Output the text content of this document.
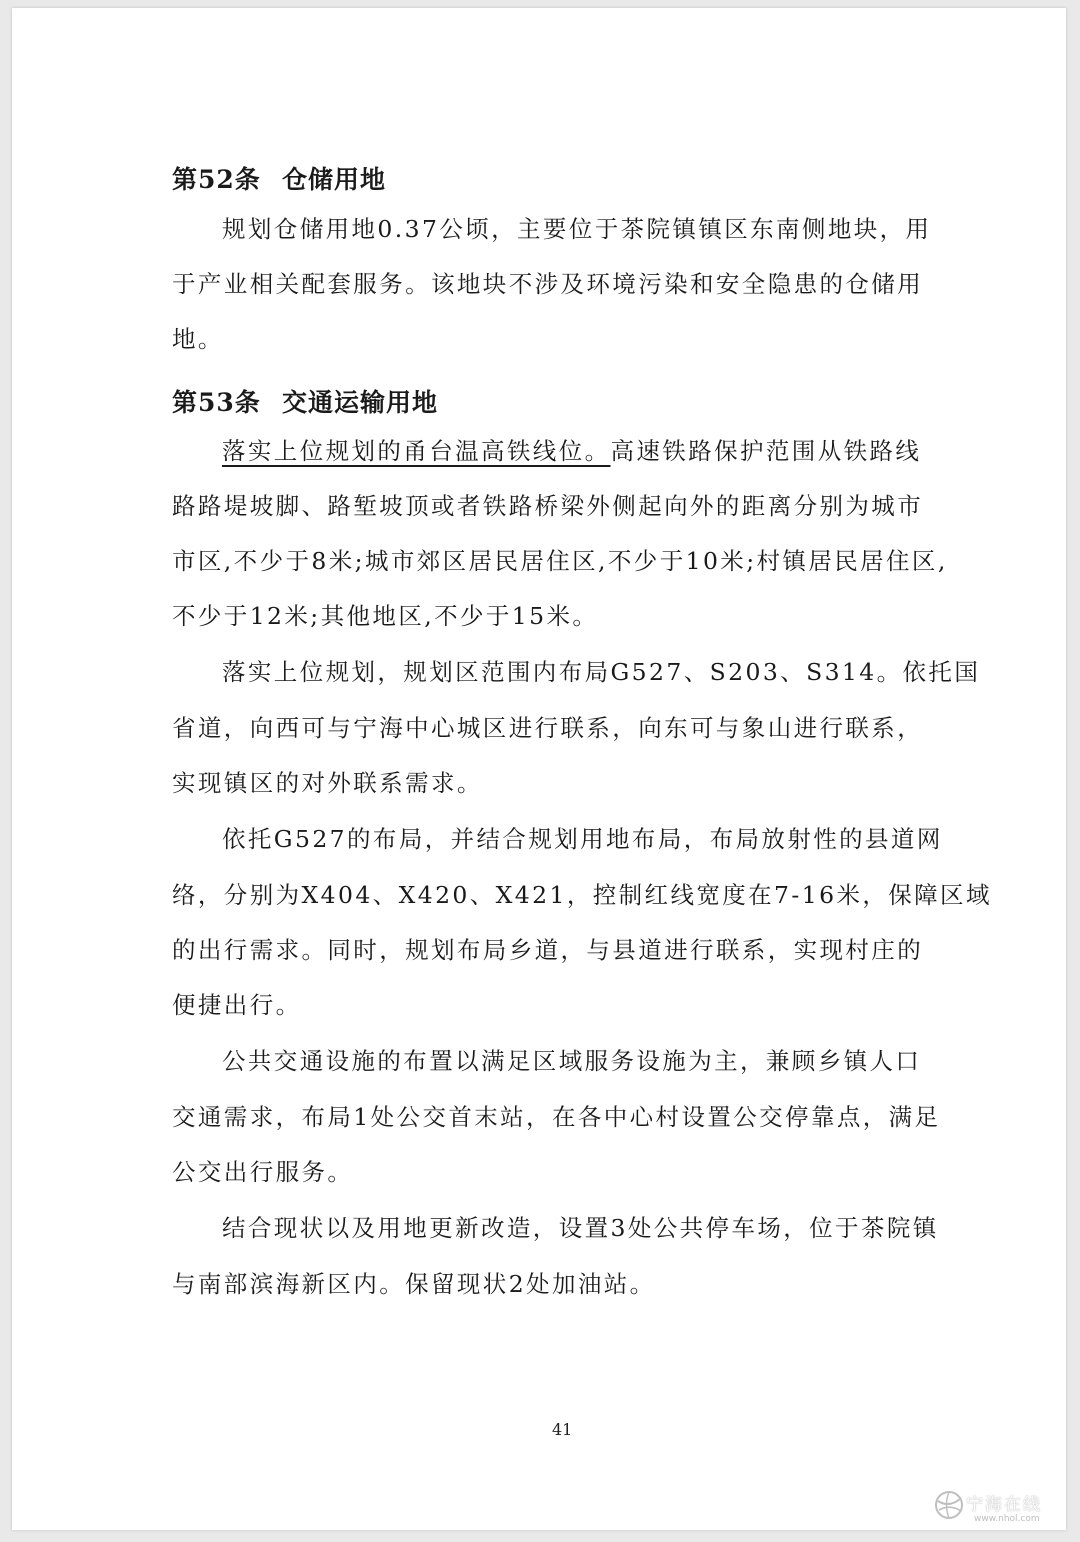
第52条 仓储用地
规划仓储用地0.37公顷，主要位于茶院镇镇区东南侧地块，用
于产业相关配套服务。该地块不涉及环境污染和安全隐患的仓储用
地。
第53条 交通运输用地
落实上位规划的甬台温高铁线位。高速铁路保护范围从铁路线
路路堤坡脚、路堑坡顶或者铁路桥梁外侧起向外的距离分别为城市
市区,不少于8米;城市郊区居民居住区,不少于10米;村镇居民居住区,
不少于12米;其他地区,不少于15米。
落实上位规划，规划区范围内布局G527、S203、S314。依托国
省道，向西可与宁海中心城区进行联系，向东可与象山进行联系，
实现镇区的对外联系需求。
依托G527的布局，并结合规划用地布局，布局放射性的县道网
络，分别为X404、X420、X421，控制红线宽度在7-16米，保障区域
的出行需求。同时，规划布局乡道，与县道进行联系，实现村庄的
便捷出行。
公共交通设施的布置以满足区域服务设施为主，兼顾乡镇人口
交通需求，布局1处公交首末站，在各中心村设置公交停靠点，满足
公交出行服务。
结合现状以及用地更新改造，设置3处公共停车场，位于茶院镇
与南部滨海新区内。保留现状2处加油站。
41
宁海在线
www.nhol.com
